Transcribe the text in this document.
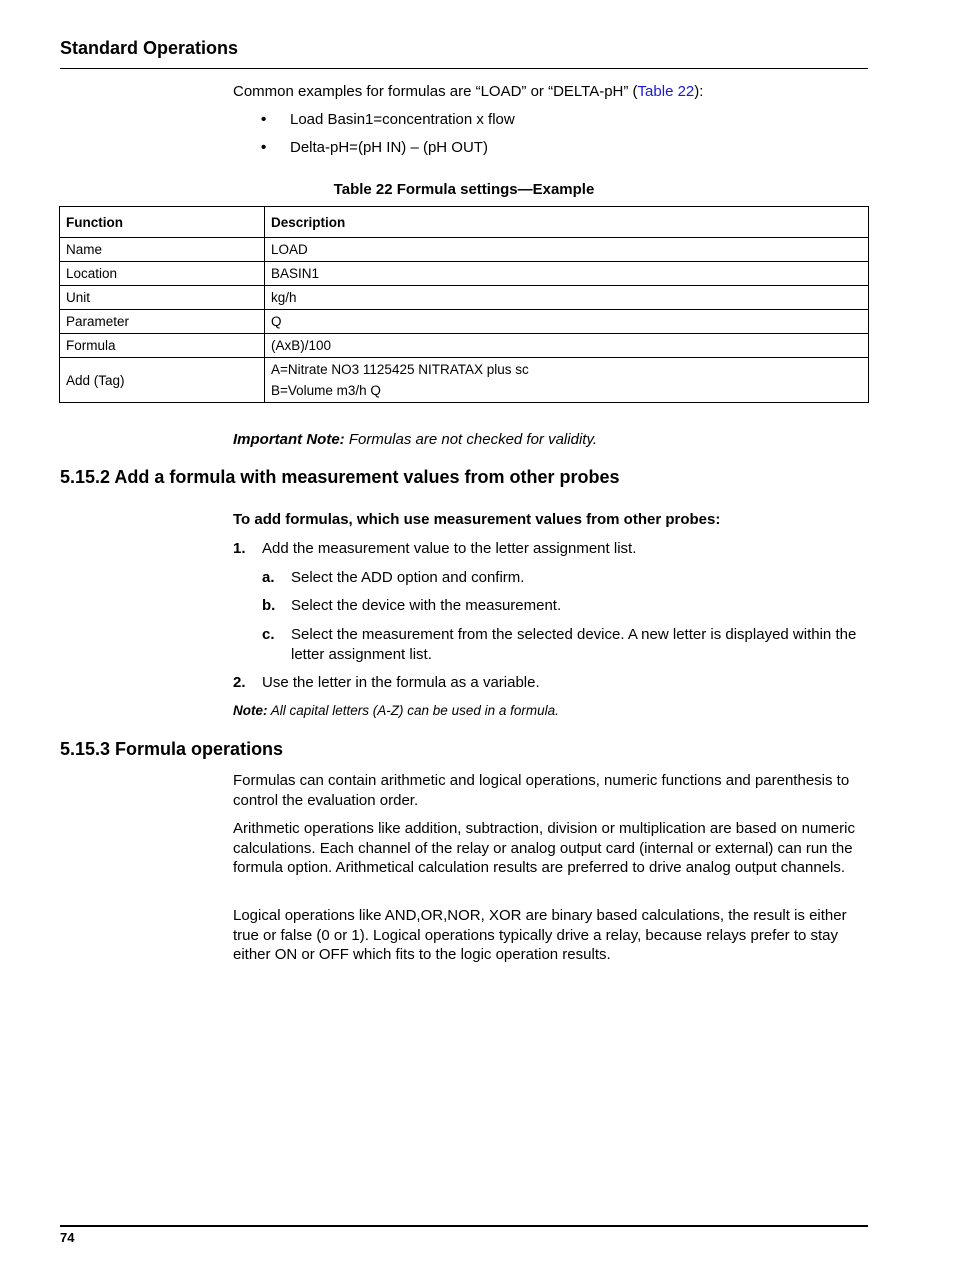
Standard Operations
Common examples for formulas are “LOAD” or “DELTA-pH” (Table 22):
• Load Basin1=concentration x flow
• Delta-pH=(pH IN) – (pH OUT)
Table 22 Formula settings—Example
Function	Description
Name	LOAD
Location	BASIN1
Unit	kg/h
Parameter	Q
Formula	(AxB)/100
Add (Tag)	A=Nitrate NO3 1125425 NITRATAX plus sc
B=Volume m3/h Q
Important Note: Formulas are not checked for validity.
5.15.2 Add a formula with measurement values from other probes
To add formulas, which use measurement values from other probes:
1. Add the measurement value to the letter assignment list.
a. Select the ADD option and confirm.
b. Select the device with the measurement.
c. Select the measurement from the selected device. A new letter is displayed within the letter assignment list.
2. Use the letter in the formula as a variable.
Note: All capital letters (A-Z) can be used in a formula.
5.15.3 Formula operations
Formulas can contain arithmetic and logical operations, numeric functions and parenthesis to control the evaluation order.
Arithmetic operations like addition, subtraction, division or multiplication are based on numeric calculations. Each channel of the relay or analog output card (internal or external) can run the formula option. Arithmetical calculation results are preferred to drive analog output channels.
Logical operations like AND,OR,NOR, XOR are binary based calculations, the result is either true or false (0 or 1). Logical operations typically drive a relay, because relays prefer to stay either ON or OFF which fits to the logic operation results.
74
